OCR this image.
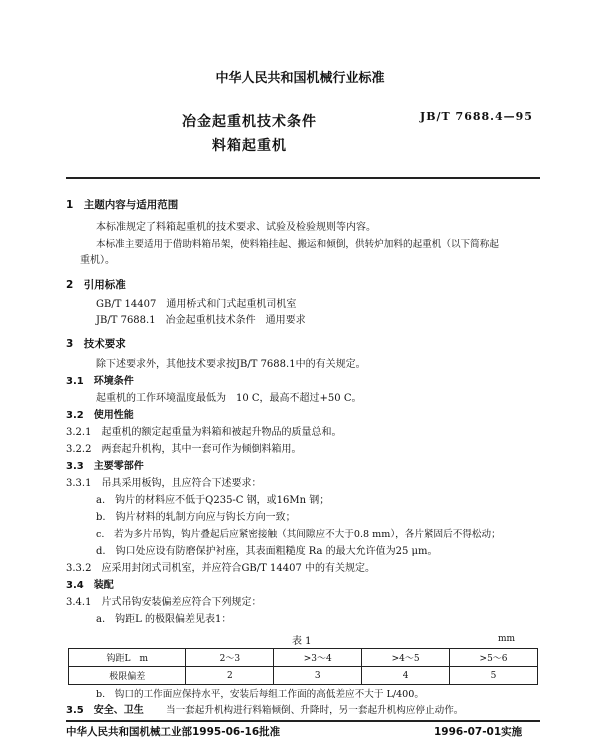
中华人民共和国机械行业标准
冶金起重机技术条件
料箱起重机
JB/T 7688.4—95
1　主题内容与适用范围
本标准规定了料箱起重机的技术要求、试验及检验规则等内容。
本标准主要适用于借助料箱吊架，使料箱挂起、搬运和倾倒，供转炉加料的起重机（以下简称起
重机）。
2　引用标准
GB/T 14407　通用桥式和门式起重机司机室
JB/T 7688.1　冶金起重机技术条件　通用要求
3　技术要求
除下述要求外，其他技术要求按JB/T 7688.1中的有关规定。
3.1　环境条件
起重机的工作环境温度最低为　10 C，最高不超过+50 C。
3.2　使用性能
3.2.1　起重机的额定起重量为料箱和被起升物品的质量总和。
3.2.2　两套起升机构，其中一套可作为倾倒料箱用。
3.3　主要零部件
3.3.1　吊具采用板钩，且应符合下述要求：
a.　钩片的材料应不低于Q235-C 钢，或16Mn 钢；
b.　钩片材料的轧制方向应与钩长方向一致；
c.　若为多片吊钩，钩片叠起后应紧密接触（其间隙应不大于0.8 mm），各片紧固后不得松动；
d.　钩口处应设有防磨保护衬座，其表面粗糙度 Ra 的最大允许值为25 μm。
3.3.2　应采用封闭式司机室，并应符合GB/T 14407 中的有关规定。
3.4　装配
3.4.1　片式吊钩安装偏差应符合下列规定：
a.　钩距L 的极限偏差见表1：
表 1	mm
钩距L　m	2～3	>3～4	>4～5	>5～6
极限偏差	2	3	4	5
b.　钩口的工作面应保持水平，安装后每组工作面的高低差应不大于 L/400。
3.5　安全、卫生
中华人民共和国机械工业部1995-06-16批准	1996-07-01实施
当一套起升机构进行料箱倾倒、升降时，另一套起升机构应停止动作。
